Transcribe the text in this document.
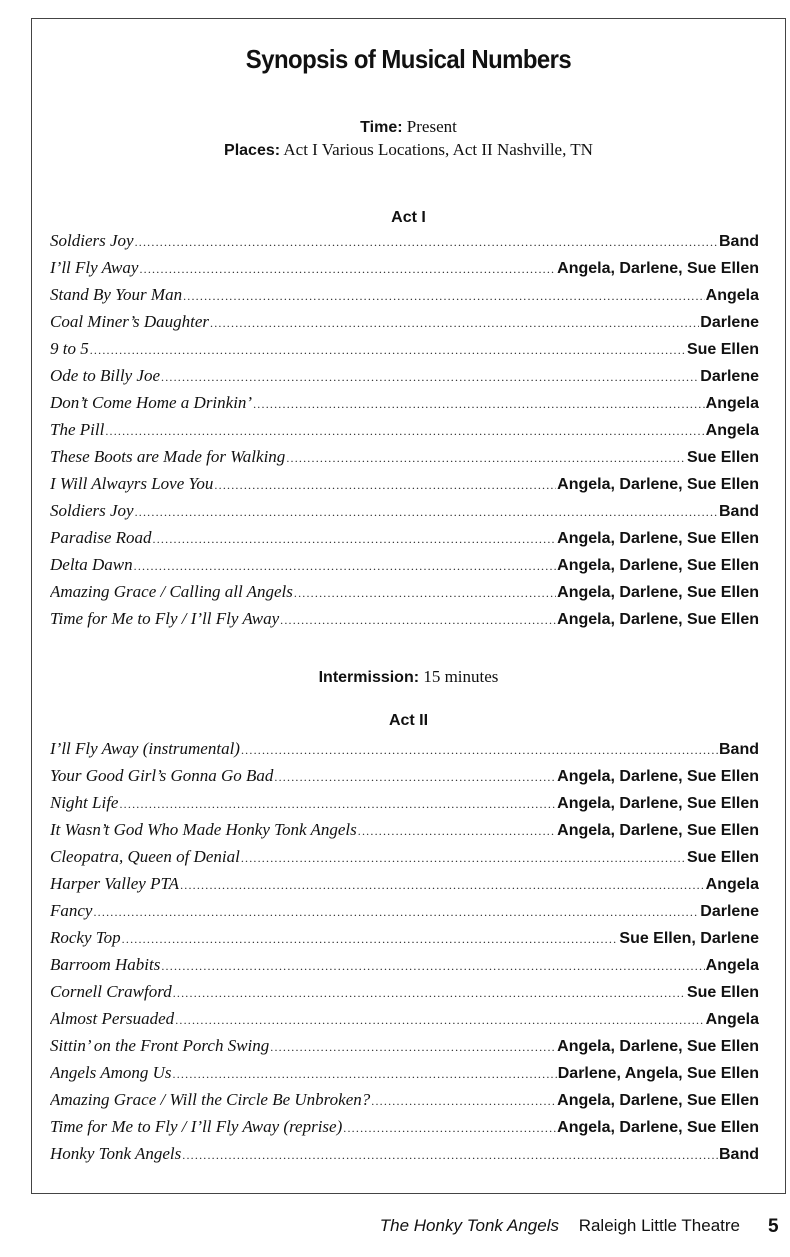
Synopsis of Musical Numbers
Time: Present
Places: Act I Various Locations, Act II Nashville, TN
Act I
Soldiers Joy .....	Band
I’ll Fly Away .....	Angela, Darlene, Sue Ellen
Stand By Your Man .....	Angela
Coal Miner’s Daughter .....	Darlene
9 to 5 .....	Sue Ellen
Ode to Billy Joe .....	Darlene
Don’t Come Home a Drinkin’ .....	Angela
The Pill .....	Angela
These Boots are Made for Walking .....	Sue Ellen
I Will Alwayrs Love You .....	Angela, Darlene, Sue Ellen
Soldiers Joy .....	Band
Paradise Road .....	Angela, Darlene, Sue Ellen
Delta Dawn .....	Angela, Darlene, Sue Ellen
Amazing Grace / Calling all Angels .....	Angela, Darlene, Sue Ellen
Time for Me to Fly / I’ll Fly Away .....	Angela, Darlene, Sue Ellen
Intermission: 15 minutes
Act II
I’ll Fly Away (instrumental) .....	Band
Your Good Girl’s Gonna Go Bad .....	Angela, Darlene, Sue Ellen
Night Life .....	Angela, Darlene, Sue Ellen
It Wasn’t God Who Made Honky Tonk Angels .....	Angela, Darlene, Sue Ellen
Cleopatra, Queen of Denial .....	Sue Ellen
Harper Valley PTA .....	Angela
Fancy .....	Darlene
Rocky Top .....	Sue Ellen, Darlene
Barroom Habits .....	Angela
Cornell Crawford .....	Sue Ellen
Almost Persuaded .....	Angela
Sittin’ on the Front Porch Swing .....	Angela, Darlene, Sue Ellen
Angels Among Us .....	Darlene, Angela, Sue Ellen
Amazing Grace / Will the Circle Be Unbroken? .....	Angela, Darlene, Sue Ellen
Time for Me to Fly / I’ll Fly Away (reprise) .....	Angela, Darlene, Sue Ellen
Honky Tonk Angels .....	Band
The Honky Tonk Angels Raleigh Little Theatre 5
